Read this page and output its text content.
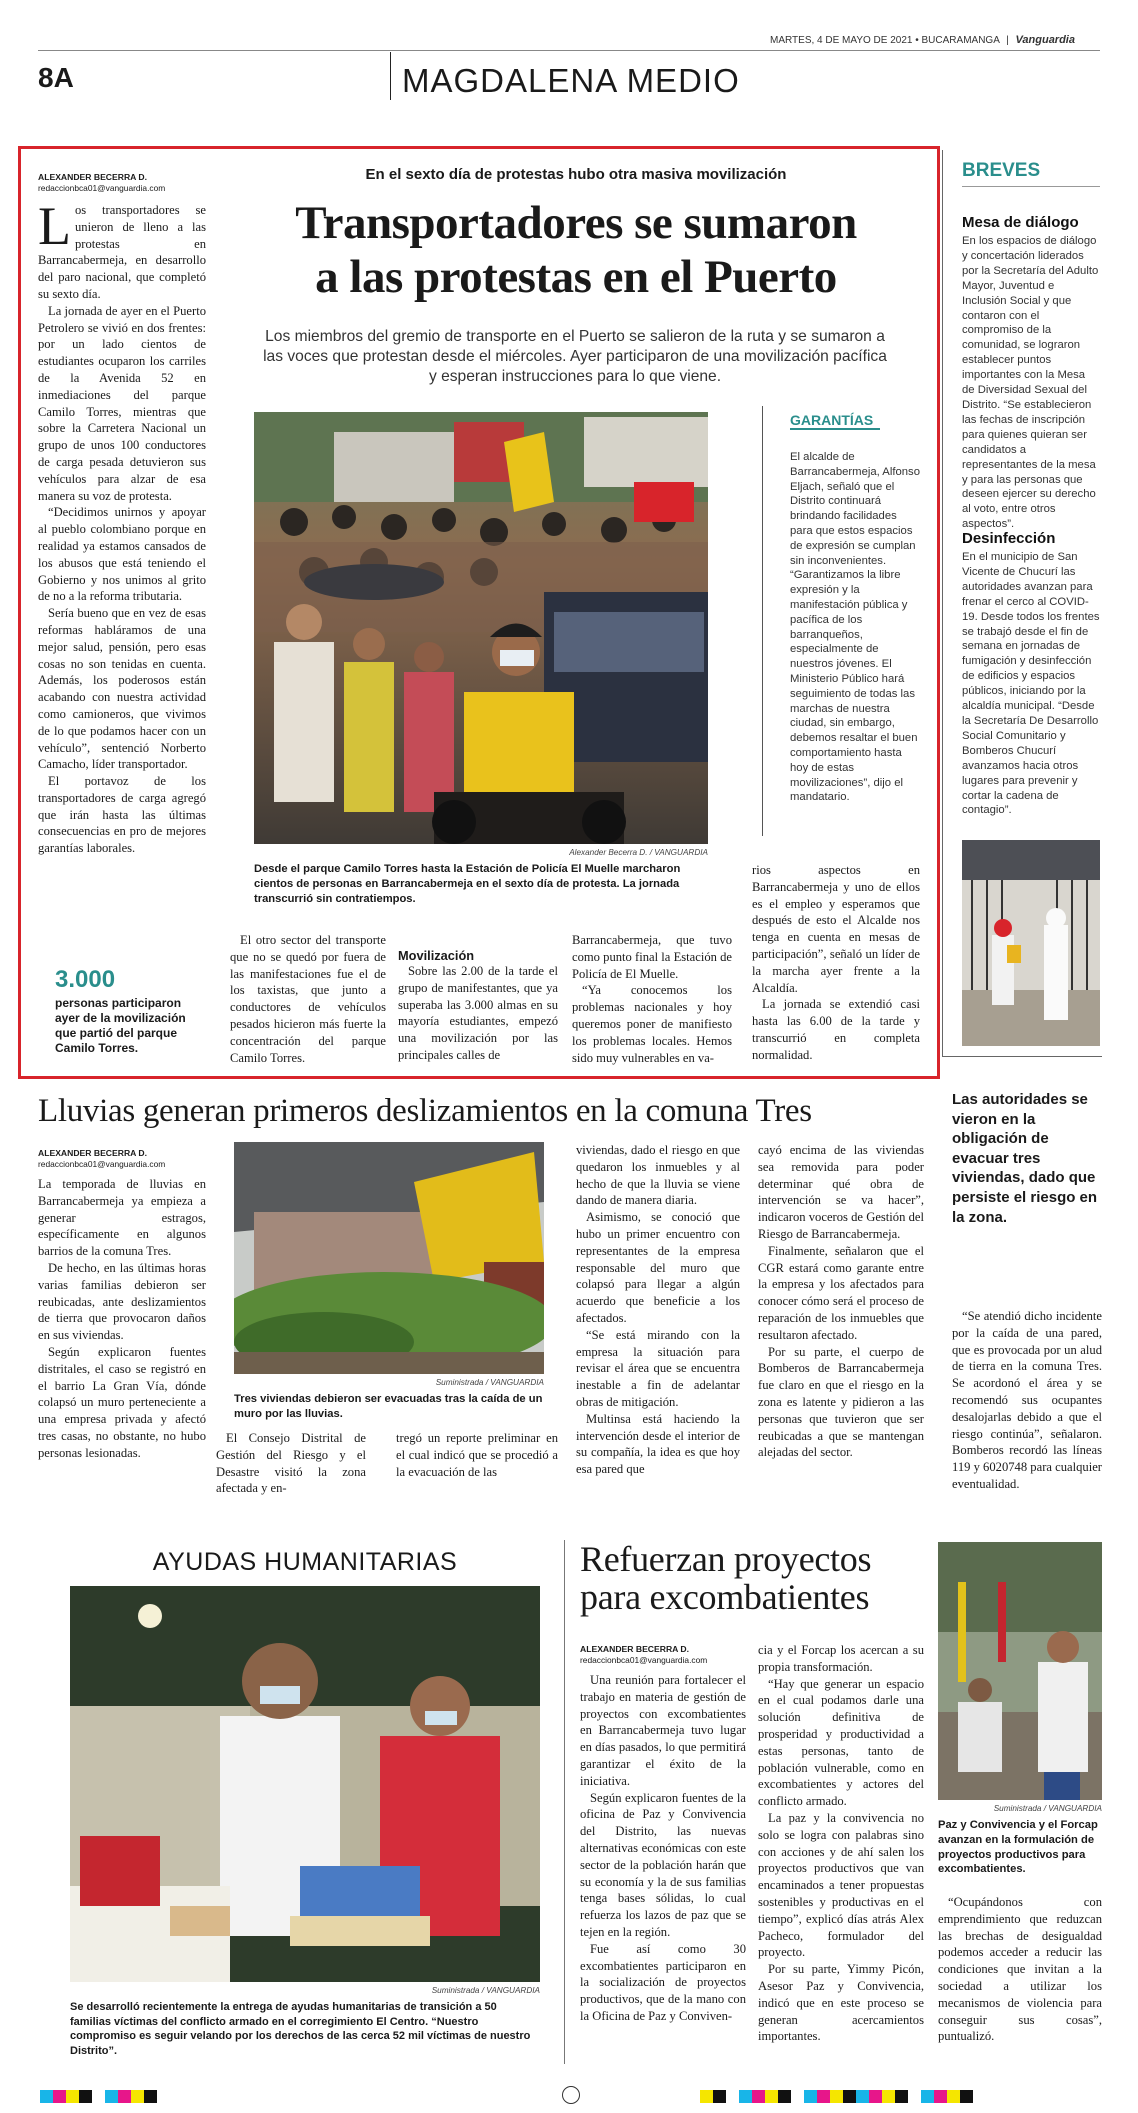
8A	MAGDALENA MEDIO
MARTES, 4 DE MAYO DE 2021 • BUCARAMANGA | Vanguardia
ALEXANDER BECERRA D.
redaccionbca01@vanguardia.com
L os transportadores se unieron de lleno a las protestas en Barrancabermeja, en desarrollo del paro nacional, que completó su sexto día.

La jornada de ayer en el Puerto Petrolero se vivió en dos frentes: por un lado cientos de estudiantes ocuparon los carriles de la Avenida 52 en inmediaciones del parque Camilo Torres, mientras que sobre la Carretera Nacional un grupo de unos 100 conductores de carga pesada detuvieron sus vehículos para alzar de esa manera su voz de protesta.

“Decidimos unirnos y apoyar al pueblo colombiano porque en realidad ya estamos cansados de los abusos que está teniendo el Gobierno y nos unimos al grito de no a la reforma tributaria.

Sería bueno que en vez de esas reformas habláramos de una mejor salud, pensión, pero esas cosas no son tenidas en cuenta. Además, los poderosos están acabando con nuestra actividad como camioneros, que vivimos de lo que podamos hacer con un vehículo”, sentenció Norberto Camacho, líder transportador.

El portavoz de los transportadores de carga agregó que irán hasta las últimas consecuencias en pro de mejores garantías laborales.

En el sexto día de protestas hubo otra masiva movilización
Transportadores se sumaron
a las protestas en el Puerto
Los miembros del gremio de transporte en el Puerto se salieron de la ruta y se sumaron a las voces que protestan desde el miércoles. Ayer participaron de una movilización pacífica y esperan instrucciones para lo que viene.
Alexander Becerra D. / VANGUARDIA
Desde el parque Camilo Torres hasta la Estación de Policía El Muelle marcharon cientos de personas en Barrancabermeja en el sexto día de protesta. La jornada transcurrió sin contratiempos.
GARANTÍAS
El alcalde de Barrancabermeja, Alfonso Eljach, señaló que el Distrito continuará brindando facilidades para que estos espacios de expresión se cumplan sin inconvenientes. “Garantizamos la libre expresión y la manifestación pública y pacífica de los barranqueños, especialmente de nuestros jóvenes. El Ministerio Público hará seguimiento de todas las marchas de nuestra ciudad, sin embargo, debemos resaltar el buen comportamiento hasta hoy de estas movilizaciones”, dijo el mandatario.
3.000
personas participaron ayer de la movilización que partió del parque Camilo Torres.

El otro sector del transporte que no se quedó por fuera de las manifestaciones fue el de los taxistas, que junto a conductores de vehículos pesados hicieron más fuerte la concentración del parque Camilo Torres.

Movilización

Sobre las 2.00 de la tarde el grupo de manifestantes, que ya superaba las 3.000 almas en su mayoría estudiantes, empezó una movilización por las principales calles de

Barrancabermeja, que tuvo como punto final la Estación de Policía de El Muelle.

“Ya conocemos los problemas nacionales y hoy queremos poner de manifiesto los problemas locales. Hemos sido muy vulnerables en va-

rios aspectos en Barrancabermeja y uno de ellos es el empleo y esperamos que después de esto el Alcalde nos tenga en cuenta en mesas de participación”, señaló un líder de la marcha ayer frente a la Alcaldía.

La jornada se extendió casi hasta las 6.00 de la tarde y transcurrió en completa normalidad.

BREVES
Mesa de diálogo
En los espacios de diálogo y concertación liderados por la Secretaría del Adulto Mayor, Juventud e Inclusión Social y que contaron con el compromiso de la comunidad, se lograron establecer puntos importantes con la Mesa de Diversidad Sexual del Distrito. “Se establecieron las fechas de inscripción para quienes quieran ser candidatos a representantes de la mesa y para las personas que deseen ejercer su derecho al voto, entre otros aspectos”.
Desinfección
En el municipio de San Vicente de Chucurí las autoridades avanzan para frenar el cerco al COVID-19. Desde todos los frentes se trabajó desde el fin de semana en jornadas de fumigación y desinfección de edificios y espacios públicos, iniciando por la alcaldía municipal. “Desde la Secretaría De Desarrollo Social Comunitario y Bomberos Chucurí avanzamos hacia otros lugares para prevenir y cortar la cadena de contagio”.
Lluvias generan primeros deslizamientos en la comuna Tres
ALEXANDER BECERRA D.
redaccionbca01@vanguardia.com

La temporada de lluvias en Barrancabermeja ya empieza a generar estragos, específicamente en algunos barrios de la comuna Tres.

De hecho, en las últimas horas varias familias debieron ser reubicadas, ante deslizamientos de tierra que provocaron daños en sus viviendas.

Según explicaron fuentes distritales, el caso se registró en el barrio La Gran Vía, dónde colapsó un muro perteneciente a una empresa privada y afectó tres casas, no obstante, no hubo personas lesionadas.

Suministrada / VANGUARDIA
Tres viviendas debieron ser evacuadas tras la caída de un muro por las lluvias.

El Consejo Distrital de Gestión del Riesgo y el Desastre visitó la zona afectada y en-

tregó un reporte preliminar en el cual indicó que se procedió a la evacuación de las

viviendas, dado el riesgo en que quedaron los inmuebles y al hecho de que la lluvia se viene dando de manera diaria.

Asimismo, se conoció que hubo un primer encuentro con representantes de la empresa responsable del muro que colapsó para llegar a algún acuerdo que beneficie a los afectados.

“Se está mirando con la empresa la situación para revisar el área que se encuentra inestable a fin de adelantar obras de mitigación.

Multinsa está haciendo la intervención desde el interior de su compañía, la idea es que hoy esa pared que

cayó encima de las viviendas sea removida para poder determinar qué obra de intervención se va hacer”, indicaron voceros de Gestión del Riesgo de Barrancabermeja.

Finalmente, señalaron que el CGR estará como garante entre la empresa y los afectados para conocer cómo será el proceso de reparación de los inmuebles que resultaron afectado.

Por su parte, el cuerpo de Bomberos de Barrancabermeja fue claro en que el riesgo en la zona es latente y pidieron a las personas que tuvieron que ser reubicadas a que se mantengan alejadas del sector.

Las autoridades se vieron en la obligación de evacuar tres viviendas, dado que persiste el riesgo en la zona.

“Se atendió dicho incidente por la caída de una pared, que es provocada por un alud de tierra en la comuna Tres. Se acordonó el área y se recomendó sus ocupantes desalojarlas debido a que el riesgo continúa”, señalaron. Bomberos recordó las líneas 119 y 6020748 para cualquier eventualidad.

AYUDAS HUMANITARIAS
Suministrada / VANGUARDIA
Se desarrolló recientemente la entrega de ayudas humanitarias de transición a 50 familias víctimas del conflicto armado en el corregimiento El Centro. “Nuestro compromiso es seguir velando por los derechos de las cerca 52 mil víctimas de nuestro Distrito”.
Refuerzan proyectos
para excombatientes
ALEXANDER BECERRA D.
redaccionbca01@vanguardia.com

Una reunión para fortalecer el trabajo en materia de gestión de proyectos con excombatientes en Barrancabermeja tuvo lugar en días pasados, lo que permitirá garantizar el éxito de la iniciativa.

Según explicaron fuentes de la oficina de Paz y Convivencia del Distrito, las nuevas alternativas económicas con este sector de la población harán que su economía y la de sus familias tenga bases sólidas, lo cual refuerza los lazos de paz que se tejen en la región.

Fue así como 30 excombatientes participaron en la socialización de proyectos productivos, que de la mano con la Oficina de Paz y Conviven-

cia y el Forcap los acercan a su propia transformación.

“Hay que generar un espacio en el cual podamos darle una solución definitiva de prosperidad y productividad a estas personas, tanto de población vulnerable, como en excombatientes y actores del conflicto armado.

La paz y la convivencia no solo se logra con palabras sino con acciones y de ahí salen los proyectos productivos que van encaminados a tener propuestas sostenibles y productivas en el tiempo”, explicó días atrás Alex Pacheco, formulador del proyecto.

Por su parte, Yimmy Picón, Asesor Paz y Convivencia, indicó que en este proceso se generan acercamientos importantes.

Suministrada / VANGUARDIA
Paz y Convivencia y el Forcap avanzan en la formulación de proyectos productivos para excombatientes.

“Ocupándonos con emprendimiento que reduzcan las brechas de desigualdad podemos acceder a reducir las condiciones que invitan a la sociedad a utilizar los mecanismos de violencia para conseguir sus cosas”, puntualizó.
